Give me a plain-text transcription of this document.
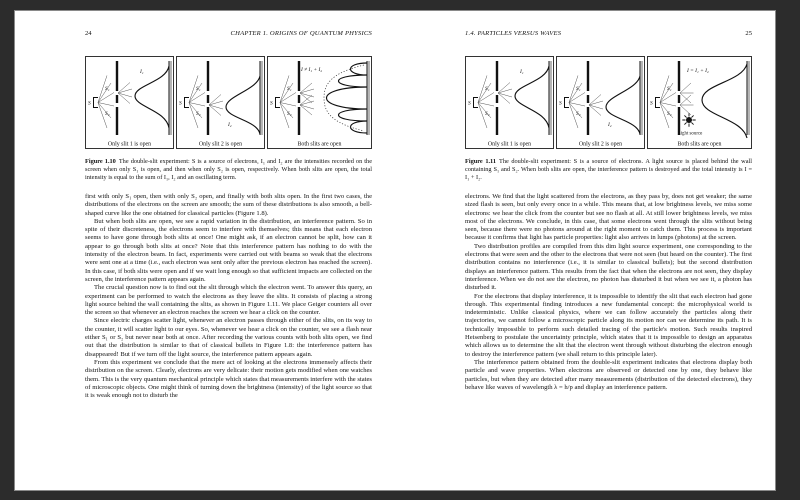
24	CHAPTER 1. ORIGINS OF QUANTUM PHYSICS
S
S₁
S₂
I₁
Only slit 1 is open
S
S₁
S₂
I₂
Only slit 2 is open
S
S₁
S₂
I ≠ I₁ + I₂
Both slits are open
Figure 1.10 The double-slit experiment: S is a source of electrons, I₁ and I₂ are the intensities recorded on the screen when only S₁ is open, and then when only S₂ is open, respectively. When both slits are open, the total intensity is equal to the sum of I₁, I₂ and an oscillating term.

first with only S₁ open, then with only S₂ open, and finally with both slits open. In the first two cases, the distributions of the electrons on the screen are smooth; the sum of these distributions is also smooth, a bell-shaped curve like the one obtained for classical particles (Figure 1.8).

But when both slits are open, we see a rapid variation in the distribution, an interference pattern. So in spite of their discreteness, the electrons seem to interfere with themselves; this means that each electron seems to have gone through both slits at once! One might ask, if an electron cannot be split, how can it appear to go through both slits at once? Note that this interference pattern has nothing to do with the intensity of the electron beam. In fact, experiments were carried out with beams so weak that the electrons were sent one at a time (i.e., each electron was sent only after the previous electron has reached the screen). In this case, if both slits were open and if we wait long enough so that sufficient impacts are collected on the screen, the interference pattern appears again.

The crucial question now is to find out the slit through which the electron went. To answer this query, an experiment can be performed to watch the electrons as they leave the slits. It consists of placing a strong light source behind the wall containing the slits, as shown in Figure 1.11. We place Geiger counters all over the screen so that whenever an electron reaches the screen we hear a click on the counter.

Since electric charges scatter light, whenever an electron passes through either of the slits, on its way to the counter, it will scatter light to our eyes. So, whenever we hear a click on the counter, we see a flash near either S₁ or S₂ but never near both at once. After recording the various counts with both slits open, we find out that the distribution is similar to that of classical bullets in Figure 1.8: the interference pattern has disappeared! But if we turn off the light source, the interference pattern appears again.

From this experiment we conclude that the mere act of looking at the electrons immensely affects their distribution on the screen. Clearly, electrons are very delicate: their motion gets modified when one watches them. This is the very quantum mechanical principle which states that measurements interfere with the states of microscopic objects. One might think of turning down the brightness (intensity) of the light source so that it is weak enough not to disturb the

1.4. PARTICLES VERSUS WAVES	25
S
S₁
S₂
I₁
Only slit 1 is open
S
S₁
S₂
I₂
Only slit 2 is open
S
S₁
S₂
I = I₁ + I₂
Light source
Both slits are open
Figure 1.11 The double-slit experiment: S is a source of electrons. A light source is placed behind the wall containing S₁ and S₂. When both slits are open, the interference pattern is destroyed and the total intensity is I = I₁ + I₂.

electrons. We find that the light scattered from the electrons, as they pass by, does not get weaker; the same sized flash is seen, but only every once in a while. This means that, at low brightness levels, we miss some electrons: we hear the click from the counter but see no flash at all. At still lower brightness levels, we miss most of the electrons. We conclude, in this case, that some electrons went through the slits without being seen, because there were no photons around at the right moment to catch them. This process is important because it confirms that light has particle properties: light also arrives in lumps (photons) at the screen.

Two distribution profiles are compiled from this dim light source experiment, one corresponding to the electrons that were seen and the other to the electrons that were not seen (but heard on the counter). The first distribution contains no interference (i.e., it is similar to classical bullets); but the second distribution displays an interference pattern. This results from the fact that when the electrons are not seen, they display interference. When we do not see the electron, no photon has disturbed it but when we see it, a photon has disturbed it.

For the electrons that display interference, it is impossible to identify the slit that each electron had gone through. This experimental finding introduces a new fundamental concept: the microphysical world is indeterministic. Unlike classical physics, where we can follow accurately the particles along their trajectories, we cannot follow a microscopic particle along its motion nor can we determine its path. It is technically impossible to perform such detailed tracing of the particle's motion. Such results inspired Heisenberg to postulate the uncertainty principle, which states that it is impossible to design an apparatus which allows us to determine the slit that the electron went through without disturbing the electron enough to destroy the interference pattern (we shall return to this principle later).

The interference pattern obtained from the double-slit experiment indicates that electrons display both particle and wave properties. When electrons are observed or detected one by one, they behave like particles, but when they are detected after many measurements (distribution of the detected electrons), they behave like waves of wavelength λ = h/p and display an interference pattern.
